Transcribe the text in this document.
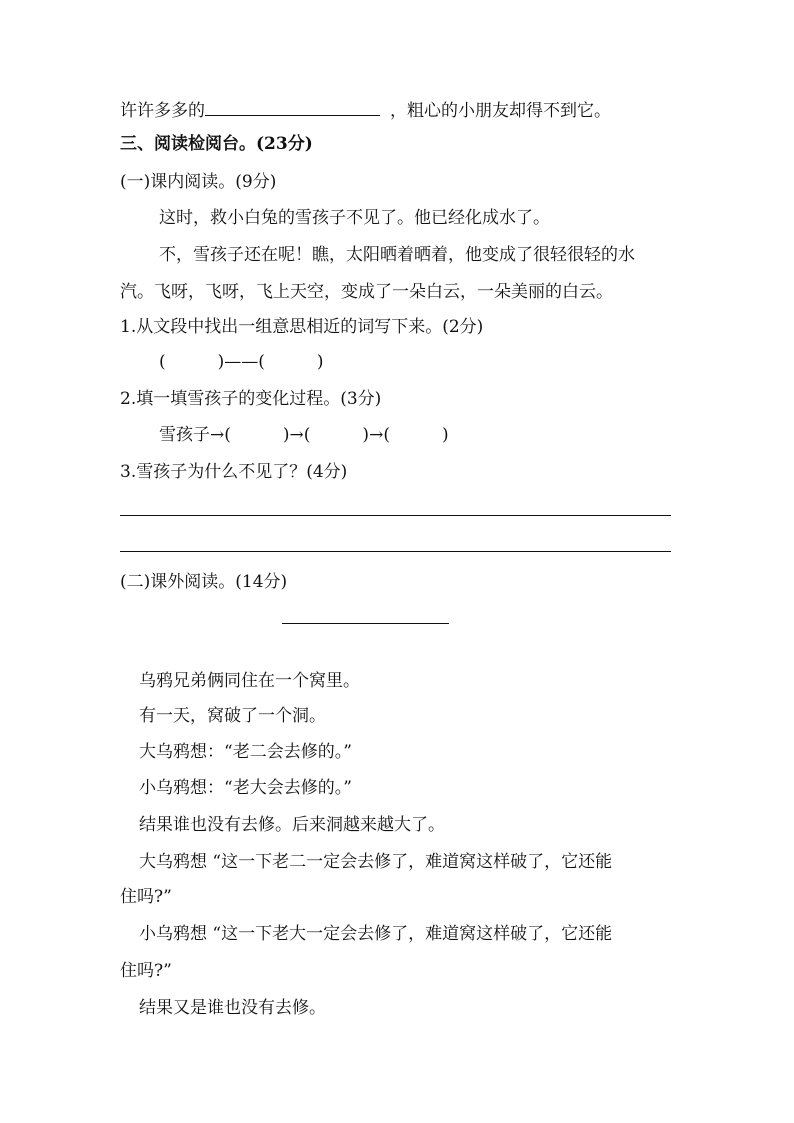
许许多多的	，粗心的小朋友却得不到它。
三、阅读检阅台。(23分)
(一)课内阅读。(9分)
这时，救小白兔的雪孩子不见了。他已经化成水了。
不，雪孩子还在呢！瞧，太阳晒着晒着，他变成了很轻很轻的水
汽。飞呀，飞呀，飞上天空，变成了一朵白云，一朵美丽的白云。
1.从文段中找出一组意思相近的词写下来。(2分)
(	)——(	)
2.填一填雪孩子的变化过程。(3分)
雪孩子→(	)→(	)→(	)
3.雪孩子为什么不见了？(4分)
(二)课外阅读。(14分)
乌鸦兄弟俩同住在一个窝里。
有一天，窝破了一个洞。
大乌鸦想：“老二会去修的。”
小乌鸦想：“老大会去修的。”
结果谁也没有去修。后来洞越来越大了。
大乌鸦想 “这一下老二一定会去修了，难道窝这样破了，它还能
住吗?”
小乌鸦想 “这一下老大一定会去修了，难道窝这样破了，它还能
住吗?”
结果又是谁也没有去修。
